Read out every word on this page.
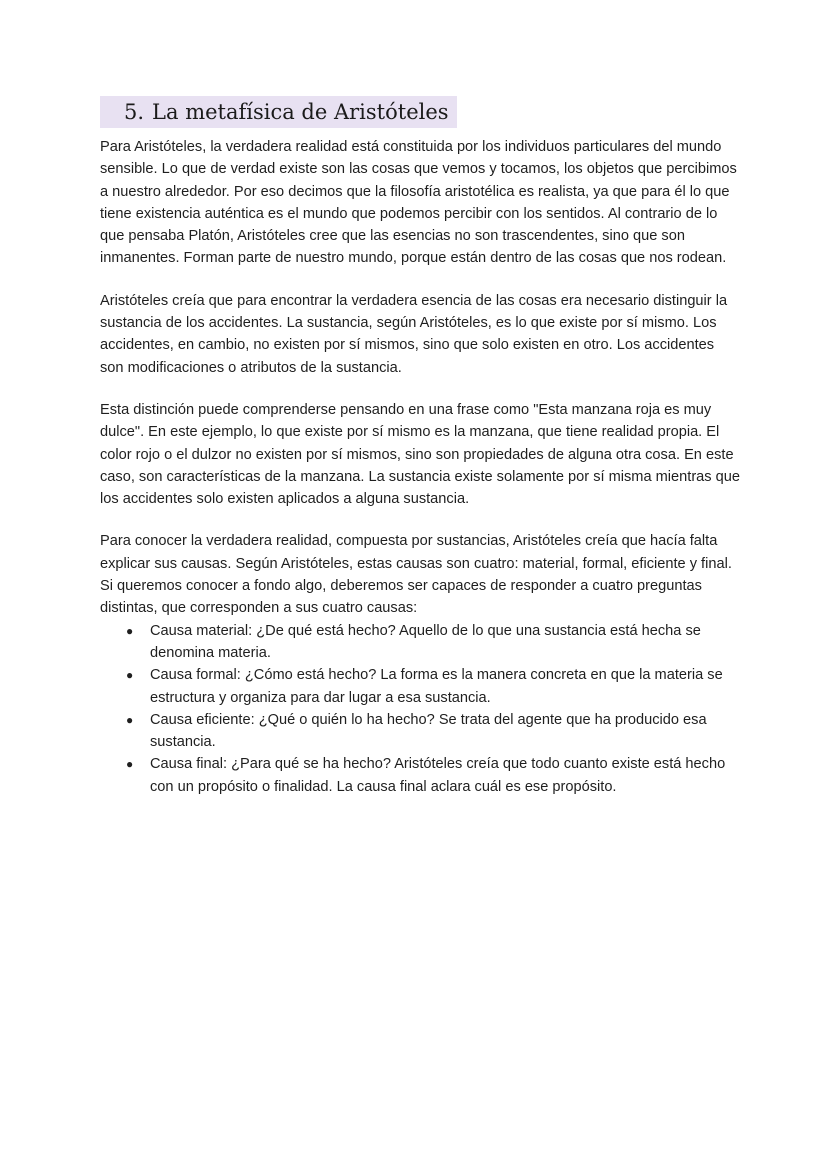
5. La metafísica de Aristóteles

Para Aristóteles, la verdadera realidad está constituida por los individuos particulares del mundo sensible. Lo que de verdad existe son las cosas que vemos y tocamos, los objetos que percibimos a nuestro alrededor. Por eso decimos que la filosofía aristotélica es realista, ya que para él lo que tiene existencia auténtica es el mundo que podemos percibir con los sentidos. Al contrario de lo que pensaba Platón, Aristóteles cree que las esencias no son trascendentes, sino que son inmanentes. Forman parte de nuestro mundo, porque están dentro de las cosas que nos rodean.

Aristóteles creía que para encontrar la verdadera esencia de las cosas era necesario distinguir la sustancia de los accidentes. La sustancia, según Aristóteles, es lo que existe por sí mismo. Los accidentes, en cambio, no existen por sí mismos, sino que solo existen en otro. Los accidentes son modificaciones o atributos de la sustancia.

Esta distinción puede comprenderse pensando en una frase como "Esta manzana roja es muy dulce". En este ejemplo, lo que existe por sí mismo es la manzana, que tiene realidad propia. El color rojo o el dulzor no existen por sí mismos, sino son propiedades de alguna otra cosa. En este caso, son características de la manzana. La sustancia existe solamente por sí misma mientras que los accidentes solo existen aplicados a alguna sustancia.

Para conocer la verdadera realidad, compuesta por sustancias, Aristóteles creía que hacía falta explicar sus causas. Según Aristóteles, estas causas son cuatro: material, formal, eficiente y final. Si queremos conocer a fondo algo, deberemos ser capaces de responder a cuatro preguntas distintas, que corresponden a sus cuatro causas:

● Causa material: ¿De qué está hecho? Aquello de lo que una sustancia está hecha se denomina materia.
● Causa formal: ¿Cómo está hecho? La forma es la manera concreta en que la materia se estructura y organiza para dar lugar a esa sustancia.
● Causa eficiente: ¿Qué o quién lo ha hecho? Se trata del agente que ha producido esa sustancia.
● Causa final: ¿Para qué se ha hecho? Aristóteles creía que todo cuanto existe está hecho con un propósito o finalidad. La causa final aclara cuál es ese propósito.
